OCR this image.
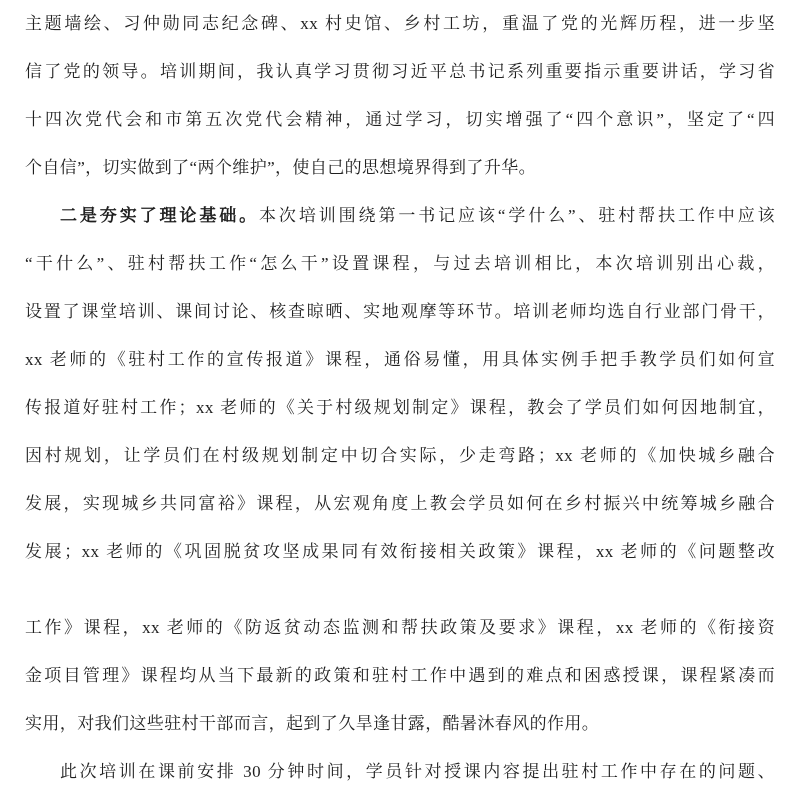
主题墙绘、习仲勋同志纪念碑、xx 村史馆、乡村工坊，重温了党的光辉历程，进一步坚
信了党的领导。培训期间，我认真学习贯彻习近平总书记系列重要指示重要讲话，学习省
十四次党代会和市第五次党代会精神，通过学习，切实增强了“四个意识”，坚定了“四
个自信”，切实做到了“两个维护”，使自己的思想境界得到了升华。
二是夯实了理论基础。本次培训围绕第一书记应该“学什么”、驻村帮扶工作中应该
“干什么”、驻村帮扶工作“怎么干”设置课程，与过去培训相比，本次培训别出心裁，
设置了课堂培训、课间讨论、核查晾晒、实地观摩等环节。培训老师均选自行业部门骨干，
xx 老师的《驻村工作的宣传报道》课程，通俗易懂，用具体实例手把手教学员们如何宣
传报道好驻村工作；xx 老师的《关于村级规划制定》课程，教会了学员们如何因地制宜，
因村规划，让学员们在村级规划制定中切合实际，少走弯路；xx 老师的《加快城乡融合
发展，实现城乡共同富裕》课程，从宏观角度上教会学员如何在乡村振兴中统筹城乡融合
发展；xx 老师的《巩固脱贫攻坚成果同有效衔接相关政策》课程，xx 老师的《问题整改
工作》课程，xx 老师的《防返贫动态监测和帮扶政策及要求》课程，xx 老师的《衔接资
金项目管理》课程均从当下最新的政策和驻村工作中遇到的难点和困惑授课，课程紧凑而
实用，对我们这些驻村干部而言，起到了久旱逢甘露，酷暑沐春风的作用。
此次培训在课前安排 30 分钟时间，学员针对授课内容提出驻村工作中存在的问题、
